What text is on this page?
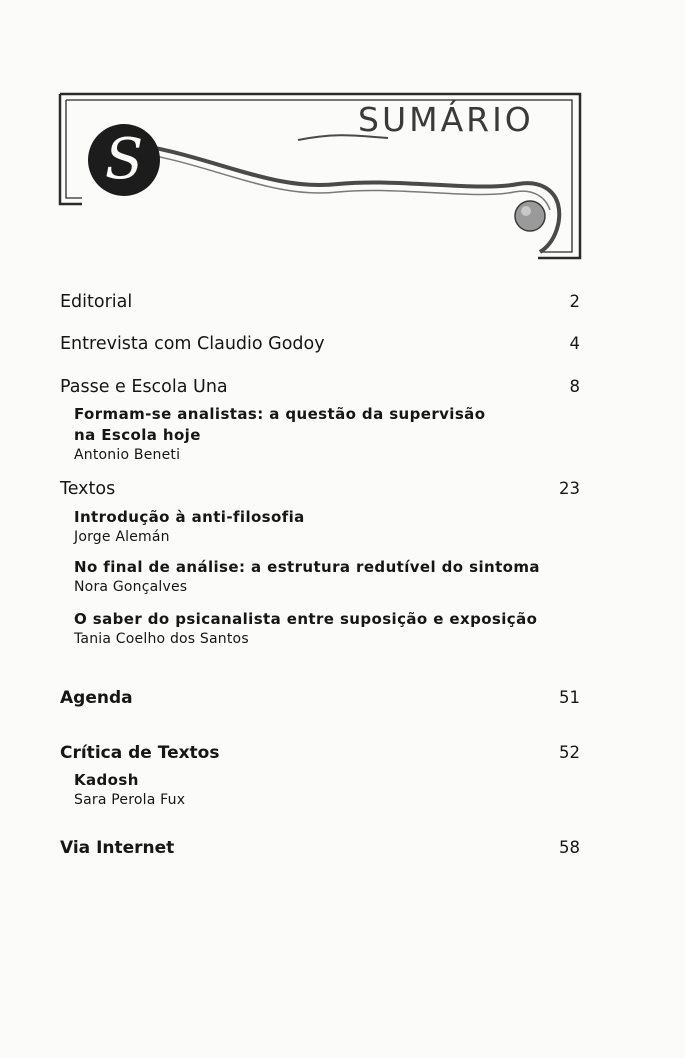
S
SUMÁRIO
Editorial	2
Entrevista com Claudio Godoy	4
Passe e Escola Una	8
Formam-se analistas: a questão da supervisão
na Escola hoje
Antonio Beneti
Textos	23
Introdução à anti-filosofia
Jorge Alemán
No final de análise: a estrutura redutível do sintoma
Nora Gonçalves
O saber do psicanalista entre suposição e exposição
Tania Coelho dos Santos
Agenda	51
Crítica de Textos	52
Kadosh
Sara Perola Fux
Via Internet	58
